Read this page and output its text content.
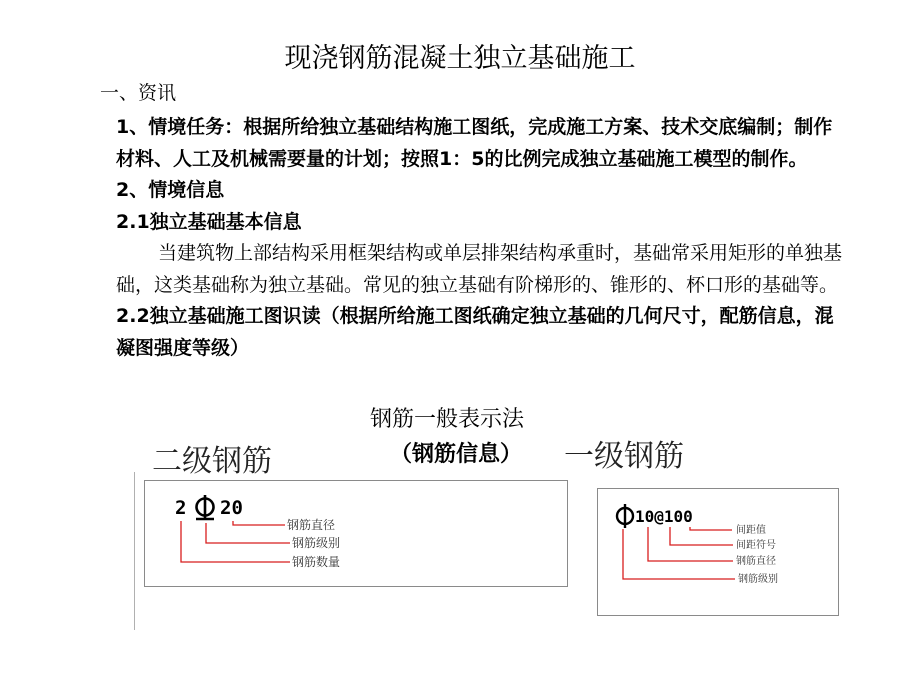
现浇钢筋混凝土独立基础施工
一、资讯

1、情境任务：根据所给独立基础结构施工图纸，完成施工方案、技术交底编制；制作材料、人工及机械需要量的计划；按照1：5的比例完成独立基础施工模型的制作。

2、情境信息

2.1独立基础基本信息

当建筑物上部结构采用框架结构或单层排架结构承重时，基础常采用矩形的单独基础，这类基础称为独立基础。常见的独立基础有阶梯形的、锥形的、杯口形的基础等。

2.2独立基础施工图识读（根据所给施工图纸确定独立基础的几何尺寸，配筋信息，混凝图强度等级）

钢筋一般表示法
（钢筋信息）
二级钢筋	一级钢筋
2 20
钢筋直径
钢筋级别
钢筋数量
10@100
间距值
间距符号
钢筋直径
钢筋级别
